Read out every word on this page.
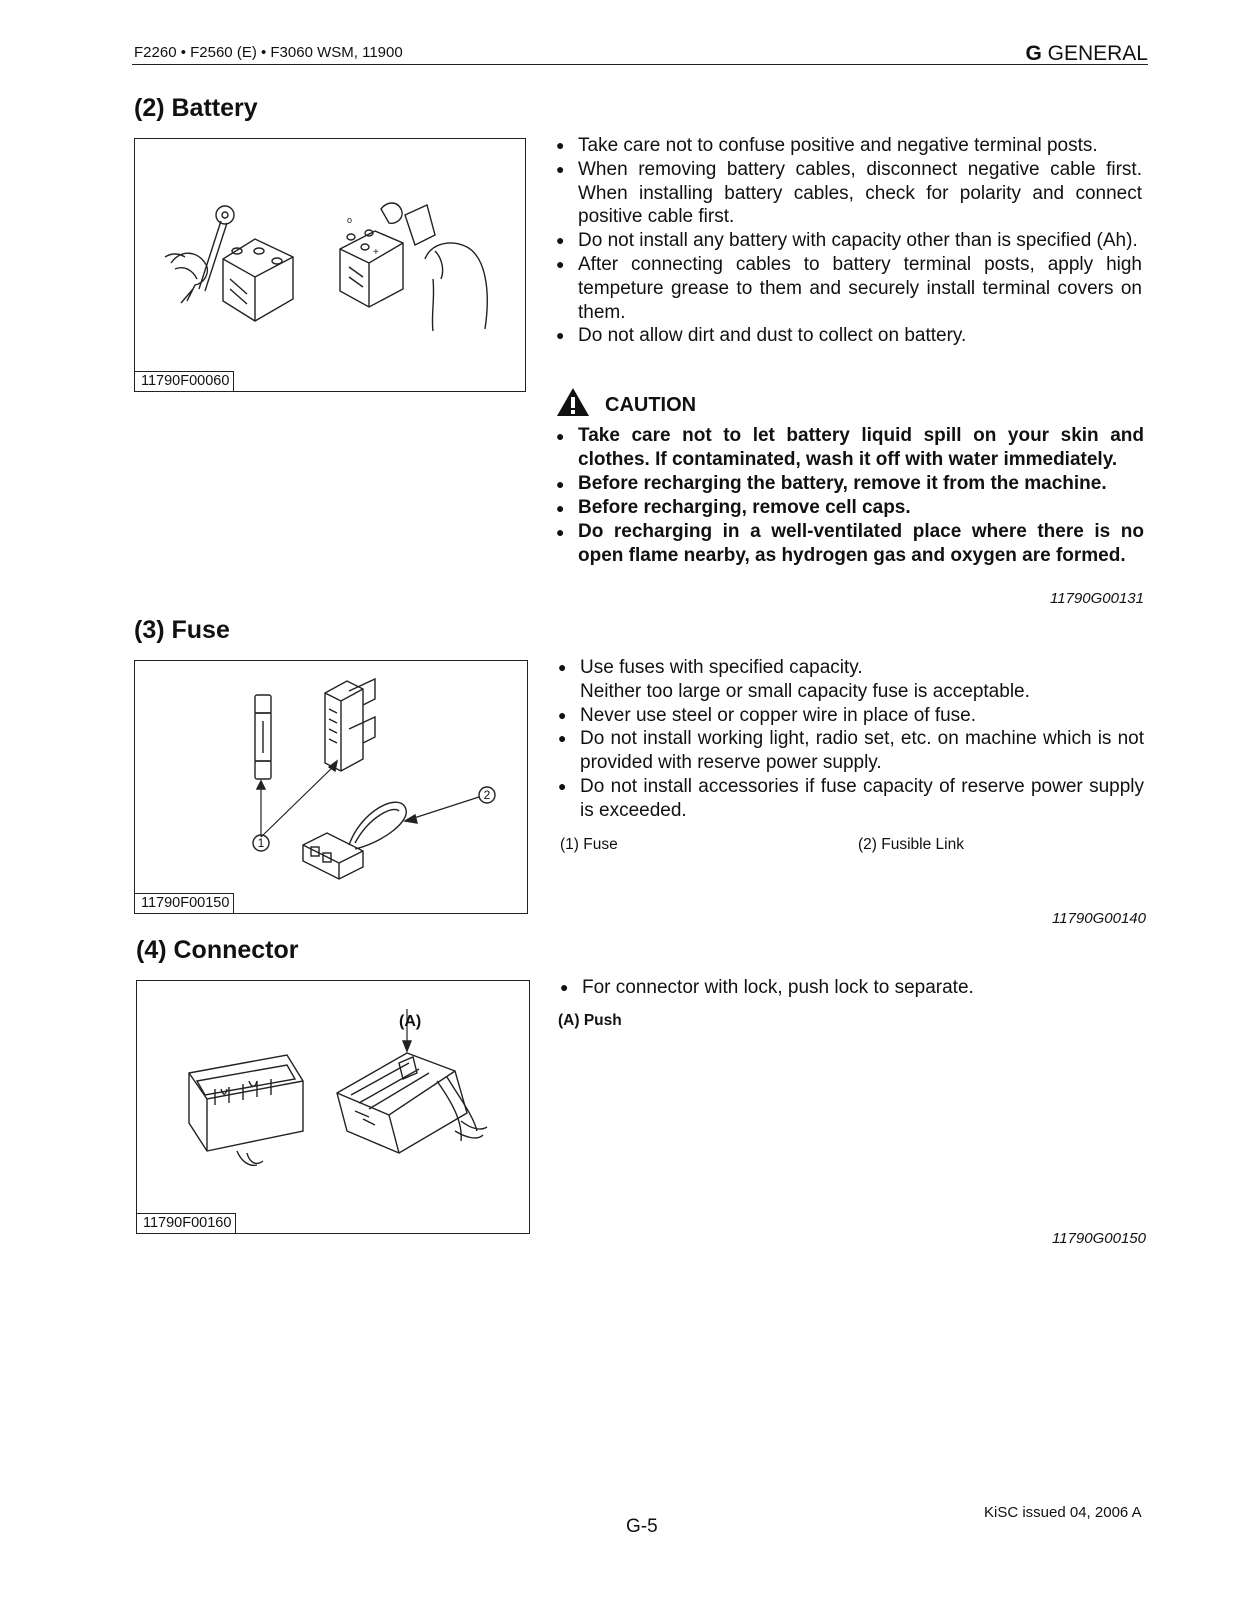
F2260 • F2560 (E) • F3060 WSM, 11900	G GENERAL
(2) Battery
+
o
11790F00060
● Take care not to confuse positive and negative terminal posts.
● When removing battery cables, disconnect negative cable first. When installing battery cables, check for polarity and connect positive cable first.
● Do not install any battery with capacity other than is specified (Ah).
● After connecting cables to battery terminal posts, apply high tempeture grease to them and securely install terminal covers on them.
● Do not allow dirt and dust to collect on battery.
CAUTION
● Take care not to let battery liquid spill on your skin and clothes. If contaminated, wash it off with water immediately.
● Before recharging the battery, remove it from the machine.
● Before recharging, remove cell caps.
● Do recharging in a well-ventilated place where there is no open flame nearby, as hydrogen gas and oxygen are formed.
11790G00131
(3) Fuse
1
2
11790F00150
● Use fuses with specified capacity.
Neither too large or small capacity fuse is acceptable.
● Never use steel or copper wire in place of fuse.
● Do not install working light, radio set, etc. on machine which is not provided with reserve power supply.
● Do not install accessories if fuse capacity of reserve power supply is exceeded.
(1) Fuse	(2) Fusible Link
11790G00140
(4) Connector
(A)
11790F00160
● For connector with lock, push lock to separate.
(A) Push
11790G00150
G-5
KiSC issued 04, 2006 A
